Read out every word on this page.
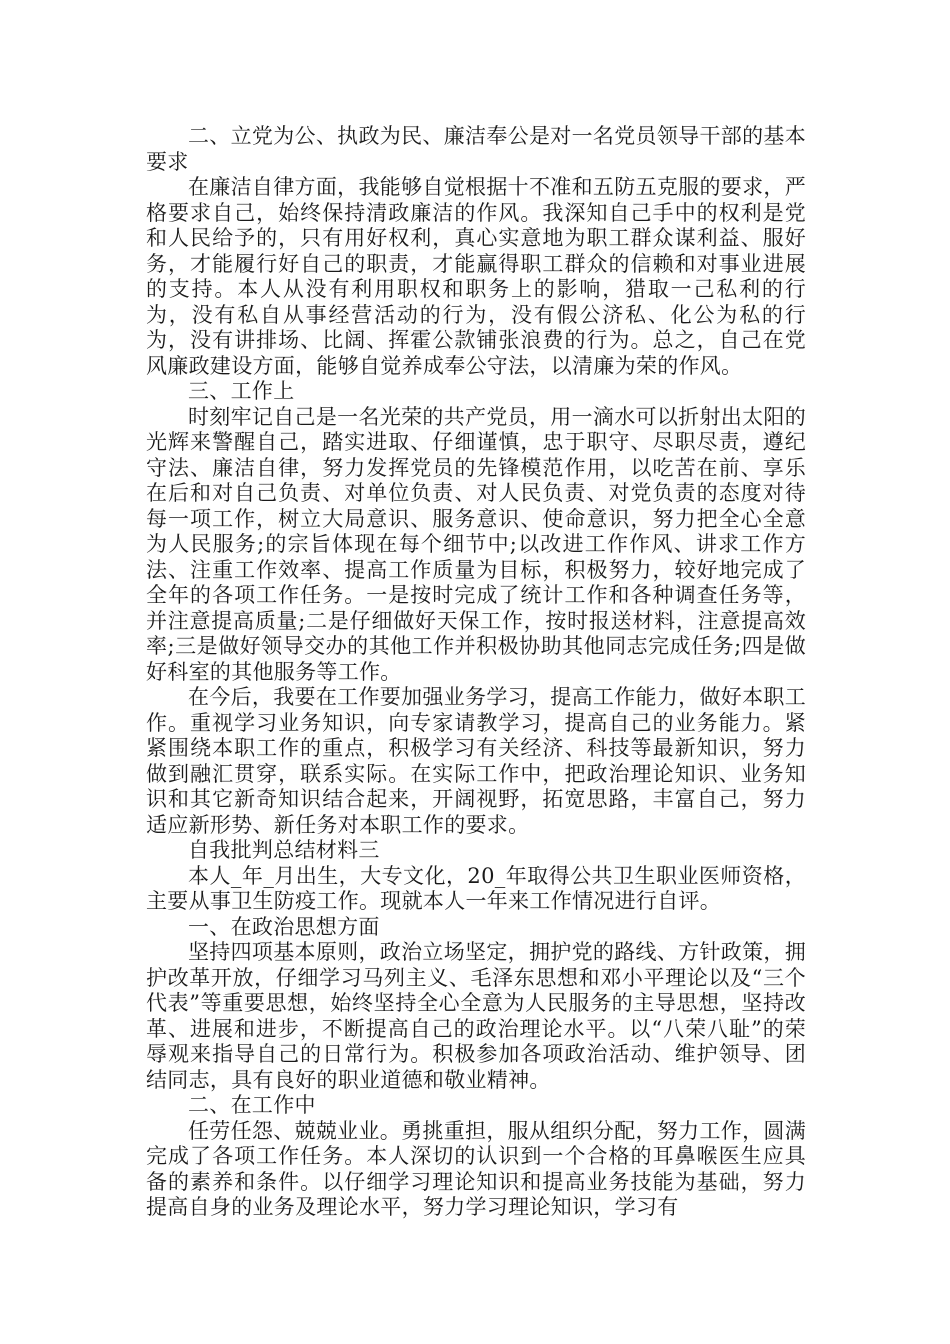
二、立党为公、执政为民、廉洁奉公是对一名党员领导干部的基本要求

在廉洁自律方面，我能够自觉根据十不准和五防五克服的要求，严格要求自己，始终保持清政廉洁的作风。我深知自己手中的权利是党和人民给予的，只有用好权利，真心实意地为职工群众谋利益、服好务，才能履行好自己的职责，才能赢得职工群众的信赖和对事业进展的支持。本人从没有利用职权和职务上的影响，猎取一己私利的行为，没有私自从事经营活动的行为，没有假公济私、化公为私的行为，没有讲排场、比阔、挥霍公款铺张浪费的行为。总之，自己在党风廉政建设方面，能够自觉养成奉公守法，以清廉为荣的作风。

三、工作上

时刻牢记自己是一名光荣的共产党员，用一滴水可以折射出太阳的光辉来警醒自己，踏实进取、仔细谨慎，忠于职守、尽职尽责，遵纪守法、廉洁自律，努力发挥党员的先锋模范作用，以吃苦在前、享乐在后和对自己负责、对单位负责、对人民负责、对党负责的态度对待每一项工作，树立大局意识、服务意识、使命意识，努力把全心全意为人民服务;的宗旨体现在每个细节中;以改进工作作风、讲求工作方法、注重工作效率、提高工作质量为目标，积极努力，较好地完成了全年的各项工作任务。一是按时完成了统计工作和各种调查任务等，并注意提高质量;二是仔细做好天保工作，按时报送材料，注意提高效率;三是做好领导交办的其他工作并积极协助其他同志完成任务;四是做好科室的其他服务等工作。

在今后，我要在工作要加强业务学习，提高工作能力，做好本职工作。重视学习业务知识，向专家请教学习，提高自己的业务能力。紧紧围绕本职工作的重点，积极学习有关经济、科技等最新知识，努力做到融汇贯穿，联系实际。在实际工作中，把政治理论知识、业务知识和其它新奇知识结合起来，开阔视野，拓宽思路，丰富自己，努力适应新形势、新任务对本职工作的要求。

自我批判总结材料三

本人_年_月出生，大专文化，20_年取得公共卫生职业医师资格，主要从事卫生防疫工作。现就本人一年来工作情况进行自评。

一、在政治思想方面

坚持四项基本原则，政治立场坚定，拥护党的路线、方针政策，拥护改革开放，仔细学习马列主义、毛泽东思想和邓小平理论以及“三个代表”等重要思想，始终坚持全心全意为人民服务的主导思想，坚持改革、进展和进步，不断提高自己的政治理论水平。以“八荣八耻”的荣辱观来指导自己的日常行为。积极参加各项政治活动、维护领导、团结同志，具有良好的职业道德和敬业精神。

二、在工作中

任劳任怨、兢兢业业。勇挑重担，服从组织分配，努力工作，圆满完成了各项工作任务。本人深切的认识到一个合格的耳鼻喉医生应具备的素养和条件。以仔细学习理论知识和提高业务技能为基础，努力提高自身的业务及理论水平，努力学习理论知识，学习有
